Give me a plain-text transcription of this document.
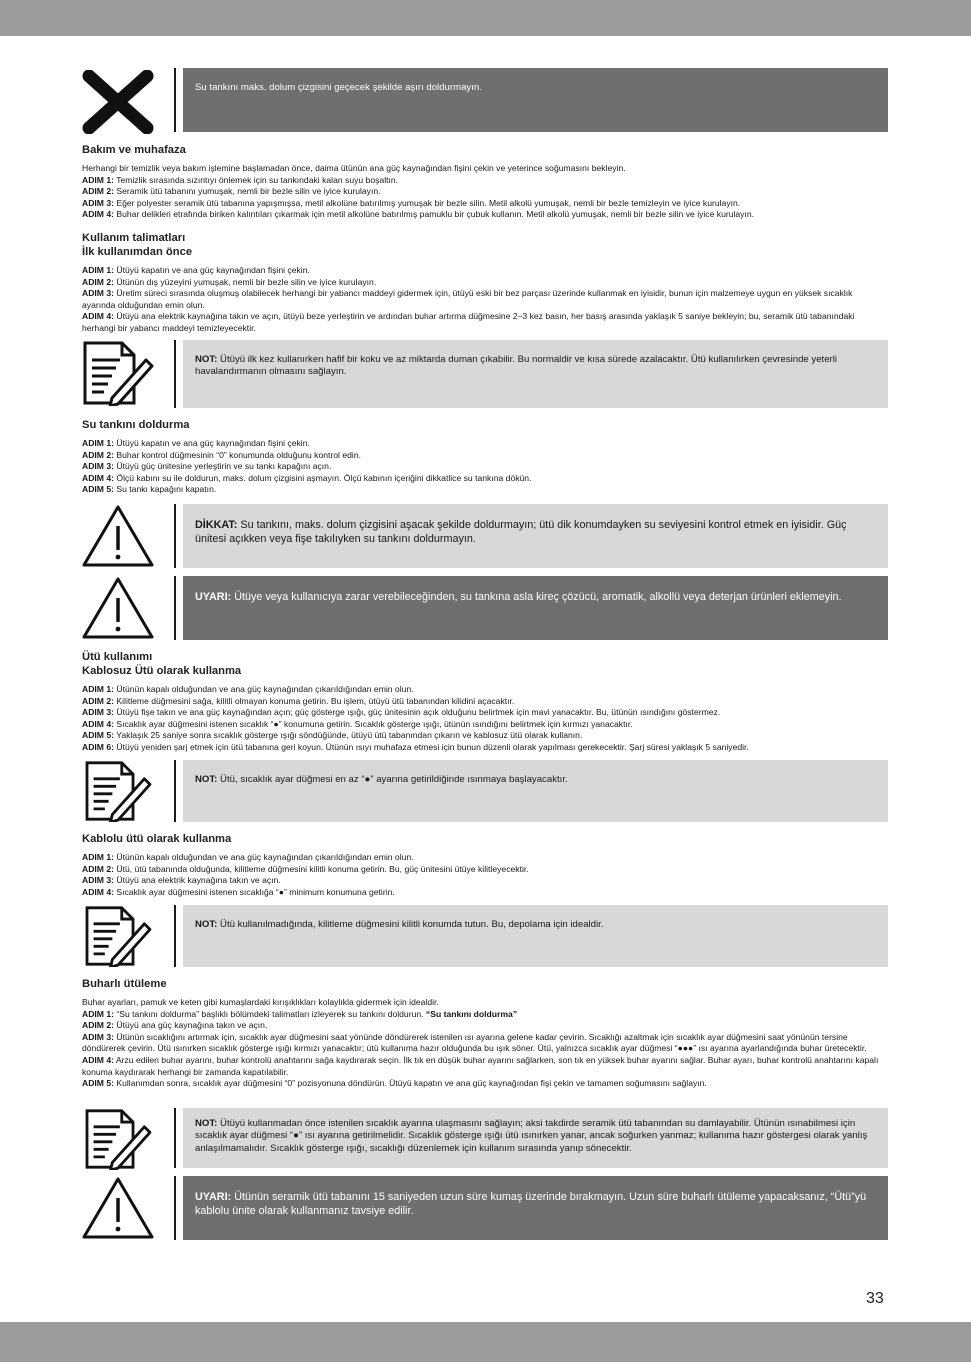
Su tankını maks. dolum çizgisini geçecek şekilde aşırı doldurmayın.

Bakım ve muhafaza

Herhangi bir temizlik veya bakım işlemine başlamadan önce, daima ütünün ana güç kaynağından fişini çekin ve yeterince soğumasını bekleyin.

ADIM 1: Temizlik sırasında sızıntıyı önlemek için su tankındaki kalan suyu boşaltın.

ADIM 2: Seramik ütü tabanını yumuşak, nemli bir bezle silin ve iyice kurulayın.

ADIM 3: Eğer polyester seramik ütü tabanına yapışmışsa, metil alkolüne batırılmış yumuşak bir bezle silin. Metil alkolü yumuşak, nemli bir bezle temizleyin ve iyice kurulayın.

ADIM 4: Buhar delikleri etrafında biriken kalıntıları çıkarmak için metil alkolüne batırılmış pamuklu bir çubuk kullanın. Metil alkolü yumuşak, nemli bir bezle silin ve iyice kurulayın.

Kullanım talimatları

İlk kullanımdan önce

ADIM 1: Ütüyü kapatın ve ana güç kaynağından fişini çekin.

ADIM 2: Ütünün dış yüzeyini yumuşak, nemli bir bezle silin ve iyice kurulayın.

ADIM 3: Üretim süreci sırasında oluşmuş olabilecek herhangi bir yabancı maddeyi gidermek için, ütüyü eski bir bez parçası üzerinde kullanmak en iyisidir, bunun için malzemeye uygun en yüksek sıcaklık ayarında olduğundan emin olun.

ADIM 4: Ütüyü ana elektrik kaynağına takın ve açın, ütüyü beze yerleştirin ve ardından buhar artırma düğmesine 2–3 kez basın, her basış arasında yaklaşık 5 saniye bekleyin; bu, seramik ütü tabanındaki herhangi bir yabancı maddeyi temizleyecektir.

NOT: Ütüyü ilk kez kullanırken hafif bir koku ve az miktarda duman çıkabilir. Bu normaldir ve kısa sürede azalacaktır. Ütü kullanılırken çevresinde yeterli havalandırmanın olmasını sağlayın.

Su tankını doldurma

ADIM 1: Ütüyü kapatın ve ana güç kaynağından fişini çekin.

ADIM 2: Buhar kontrol düğmesinin “0” konumunda olduğunu kontrol edin.

ADIM 3: Ütüyü güç ünitesine yerleştirin ve su tankı kapağını açın.

ADIM 4: Ölçü kabını su ile doldurun, maks. dolum çizgisini aşmayın. Ölçü kabının içeriğini dikkatlice su tankına dökün.

ADIM 5: Su tankı kapağını kapatın.

DİKKAT: Su tankını, maks. dolum çizgisini aşacak şekilde doldurmayın; ütü dik konumdayken su seviyesini kontrol etmek en iyisidir. Güç ünitesi açıkken veya fişe takılıyken su tankını doldurmayın.
UYARI: Ütüye veya kullanıcıya zarar verebileceğinden, su tankına asla kireç çözücü, aromatik, alkollü veya deterjan ürünleri eklemeyin.

Ütü kullanımı

Kablosuz Ütü olarak kullanma

ADIM 1: Ütünün kapalı olduğundan ve ana güç kaynağından çıkarıldığından emin olun.

ADIM 2: Kilitleme düğmesini sağa, kilitli olmayan konuma getirin. Bu işlem, ütüyü ütü tabanından kilidini açacaktır.

ADIM 3: Ütüyü fişe takın ve ana güç kaynağından açın; güç gösterge ışığı, güç ünitesinin açık olduğunu belirtmek için mavi yanacaktır. Bu, ütünün ısındığını göstermez.

ADIM 4: Sıcaklık ayar düğmesini istenen sıcaklık “●” konumuna getirin. Sıcaklık gösterge ışığı, ütünün ısındığını belirtmek için kırmızı yanacaktır.

ADIM 5: Yaklaşık 25 saniye sonra sıcaklık gösterge ışığı söndüğünde, ütüyü ütü tabanından çıkarın ve kablosuz ütü olarak kullanın.

ADIM 6: Ütüyü yeniden şarj etmek için ütü tabanına geri koyun. Ütünün ısıyı muhafaza etmesi için bunun düzenli olarak yapılması gerekecektir. Şarj süresi yaklaşık 5 saniyedir.

NOT: Ütü, sıcaklık ayar düğmesi en az “●” ayarına getirildiğinde ısınmaya başlayacaktır.

Kablolu ütü olarak kullanma

ADIM 1: Ütünün kapalı olduğundan ve ana güç kaynağından çıkarıldığından emin olun.

ADIM 2: Ütü, ütü tabanında olduğunda, kilitleme düğmesini kilitli konuma getirin. Bu, güç ünitesini ütüye kilitleyecektir.

ADIM 3: Ütüyü ana elektrik kaynağına takın ve açın.

ADIM 4: Sıcaklık ayar düğmesini istenen sıcaklığa “●” minimum konumuna getirin.

NOT: Ütü kullanılmadığında, kilitleme düğmesini kilitli konumda tutun. Bu, depolama için idealdir.

Buharlı ütüleme

Buhar ayarları, pamuk ve keten gibi kumaşlardaki kırışıklıkları kolaylıkla gidermek için idealdir.

ADIM 1: “Su tankını doldurma” başlıklı bölümdeki talimatları izleyerek su tankını doldurun. “Su tankını doldurma”

ADIM 2: Ütüyü ana güç kaynağına takın ve açın.

ADIM 3: Ütünün sıcaklığını artırmak için, sıcaklık ayar düğmesini saat yönünde döndürerek istenilen ısı ayarına gelene kadar çevirin. Sıcaklığı azaltmak için sıcaklık ayar düğmesini saat yönünün tersine döndürerek çevirin. Ütü ısınırken sıcaklık gösterge ışığı kırmızı yanacaktır; ütü kullanıma hazır olduğunda bu ışık söner. Ütü, yalnızca sıcaklık ayar düğmesi “●●●” ısı ayarına ayarlandığında buhar üretecektir.

ADIM 4: Arzu edilen buhar ayarını, buhar kontrolü anahtarını sağa kaydırarak seçin. İlk tık en düşük buhar ayarını sağlarken, son tık en yüksek buhar ayarını sağlar. Buhar ayarı, buhar kontrolü anahtarını kapalı konuma kaydırarak herhangi bir zamanda kapatılabilir.

ADIM 5: Kullanımdan sonra, sıcaklık ayar düğmesini “0” pozisyonuna döndürün. Ütüyü kapatın ve ana güç kaynağından fişi çekin ve tamamen soğumasını sağlayın.

NOT: Ütüyü kullanmadan önce istenilen sıcaklık ayarına ulaşmasını sağlayın; aksi takdirde seramik ütü tabanından su damlayabilir. Ütünün ısınabilmesi için sıcaklık ayar düğmesi “●” ısı ayarına getirilmelidir. Sıcaklık gösterge ışığı ütü ısınırken yanar, ancak soğurken yanmaz; kullanıma hazır göstergesi olarak yanlış anlaşılmamalıdır. Sıcaklık gösterge ışığı, sıcaklığı düzenlemek için kullanım sırasında yanıp sönecektir.
UYARI: Ütünün seramik ütü tabanını 15 saniyeden uzun süre kumaş üzerinde bırakmayın. Uzun süre buharlı ütüleme yapacaksanız, “Ütü”yü kablolu ünite olarak kullanmanız tavsiye edilir.
33
